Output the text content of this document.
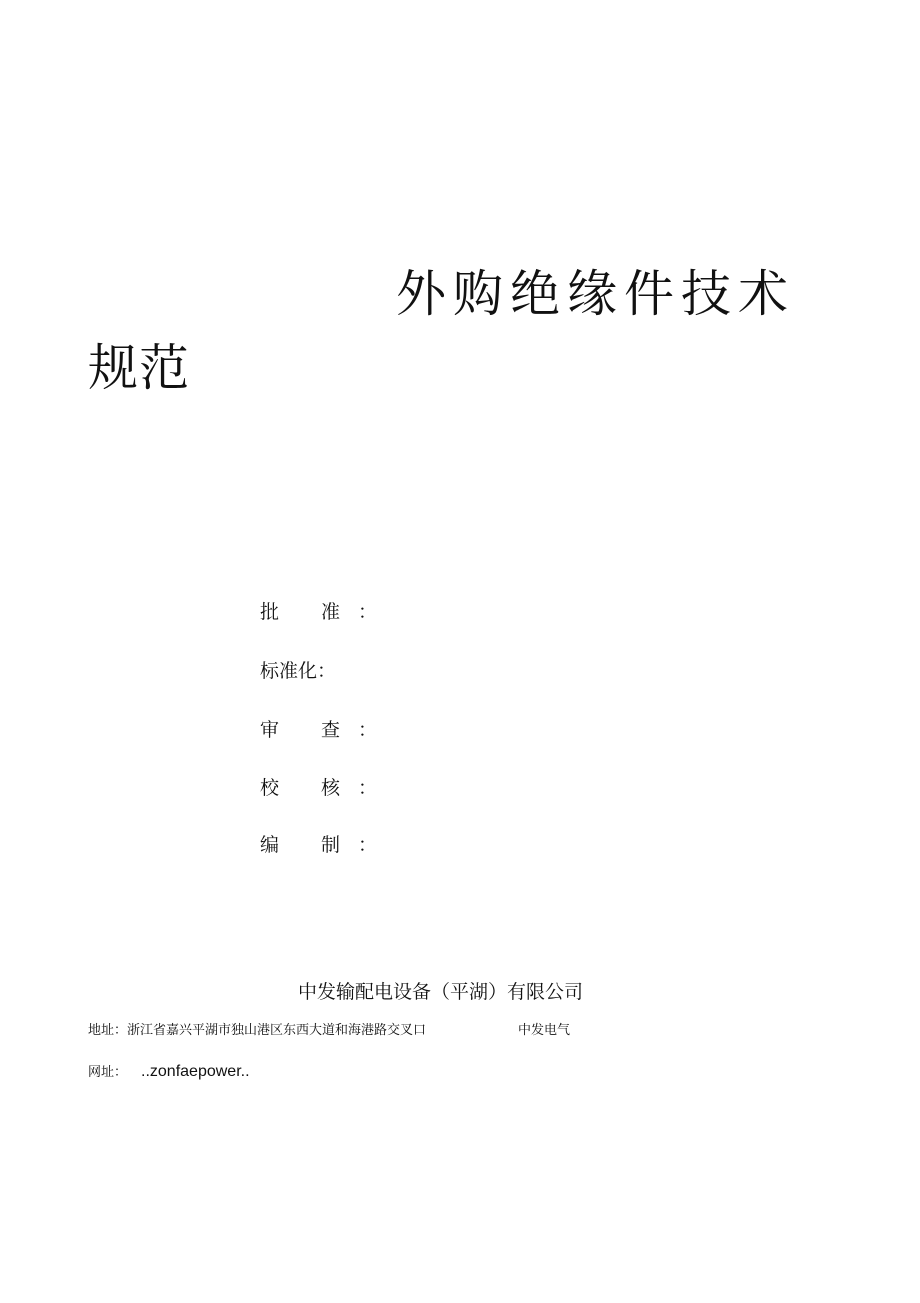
外购绝缘件技术
规范
批 准：
标准化：
审 查：
校 核：
编 制：
中发输配电设备（平湖）有限公司
地址：浙江省嘉兴平湖市独山港区东西大道和海港路交叉口	中发电气
网址： ..zonfaepower..
